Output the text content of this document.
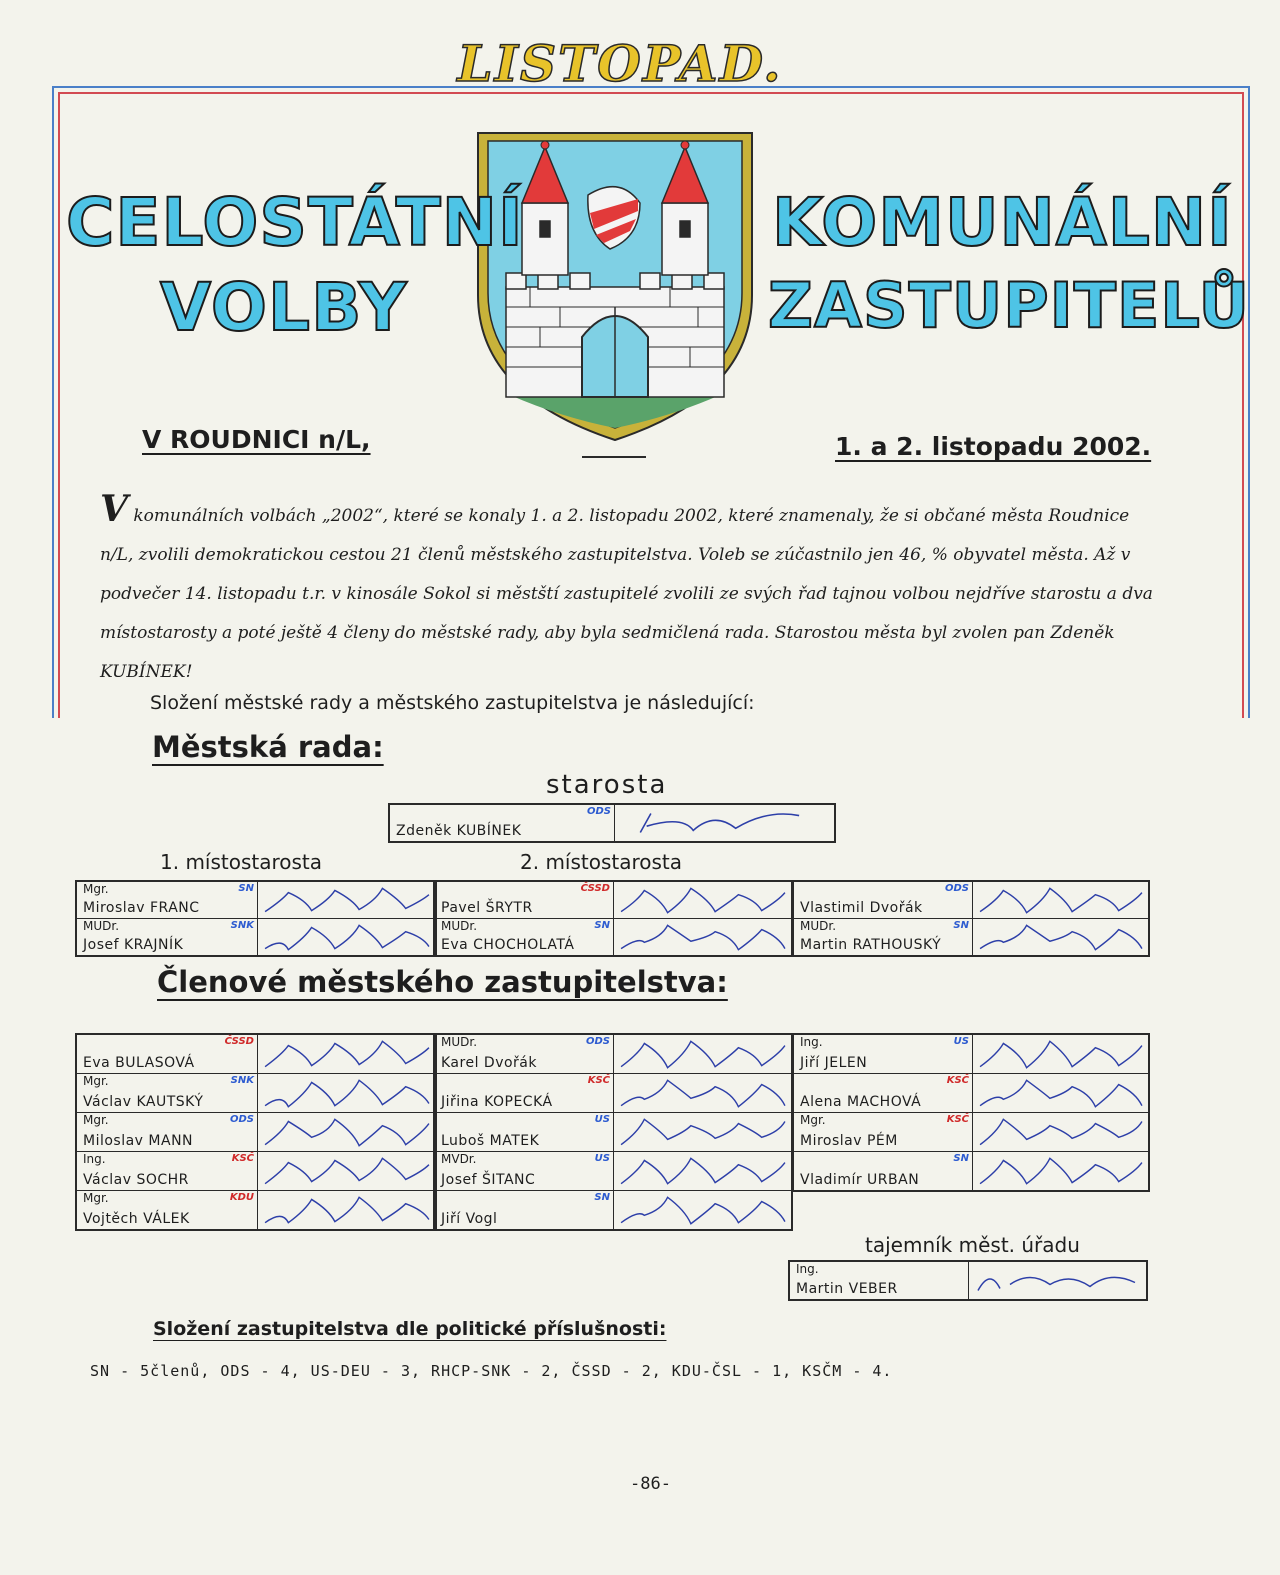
LISTOPAD.
CELOSTÁTNÍ
VOLBY
KOMUNÁLNÍ
ZASTUPITELŮ
V ROUDNICI n/L,	1. a 2. listopadu 2002.
V komunálních volbách „2002“, které se konaly 1. a 2. listopadu 2002, které znamenaly, že si občané města Roudnice n/L, zvolili demokratickou cestou 21 členů městského zastupitelstva. Voleb se zúčastnilo jen 46, % obyvatel města. Až v podvečer 14. listopadu t.r. v kinosále Sokol si městští zastupitelé zvolili ze svých řad tajnou volbou nejdříve starostu a dva místostarosty a poté ještě 4 členy do městské rady, aby byla sedmičlená rada. Starostou města byl zvolen pan Zdeněk KUBÍNEK!
Složení městské rady a městského zastupitelstva je následující:
Městská rada:
starosta
Zdeněk KUBÍNEK
ODS
1. místostarosta	2. místostarosta
Členové městského zastupitelstva:
tajemník měst. úřadu
Ing.
Martin VEBER
Složení zastupitelstva dle politické příslušnosti:
SN - 5členů, ODS - 4, US-DEU - 3, RHCP-SNK - 2, ČSSD - 2, KDU-ČSL - 1, KSČM - 4.
-86-
Mgr.
Miroslav FRANC
SN
MUDr.
Josef KRAJNÍK
SNK
Pavel ŠRYTR
ČSSD
MUDr.
Eva CHOCHOLATÁ
SN
Vlastimil Dvořák
ODS
MUDr.
Martin RATHOUSKÝ
SN
Eva BULASOVÁ
ČSSD
Mgr.
Václav KAUTSKÝ
SNK
Mgr.
Miloslav MANN
ODS
Ing.
Václav SOCHR
KSČ
Mgr.
Vojtěch VÁLEK
KDU
MUDr.
Karel Dvořák
ODS
Jiřina KOPECKÁ
KSČ
Luboš MATEK
US
MVDr.
Josef ŠITANC
US
Jiří Vogl
SN
Ing.
Jiří JELEN
US
Alena MACHOVÁ
KSČ
Mgr.
Miroslav PÉM
KSČ
Vladimír URBAN
SN
